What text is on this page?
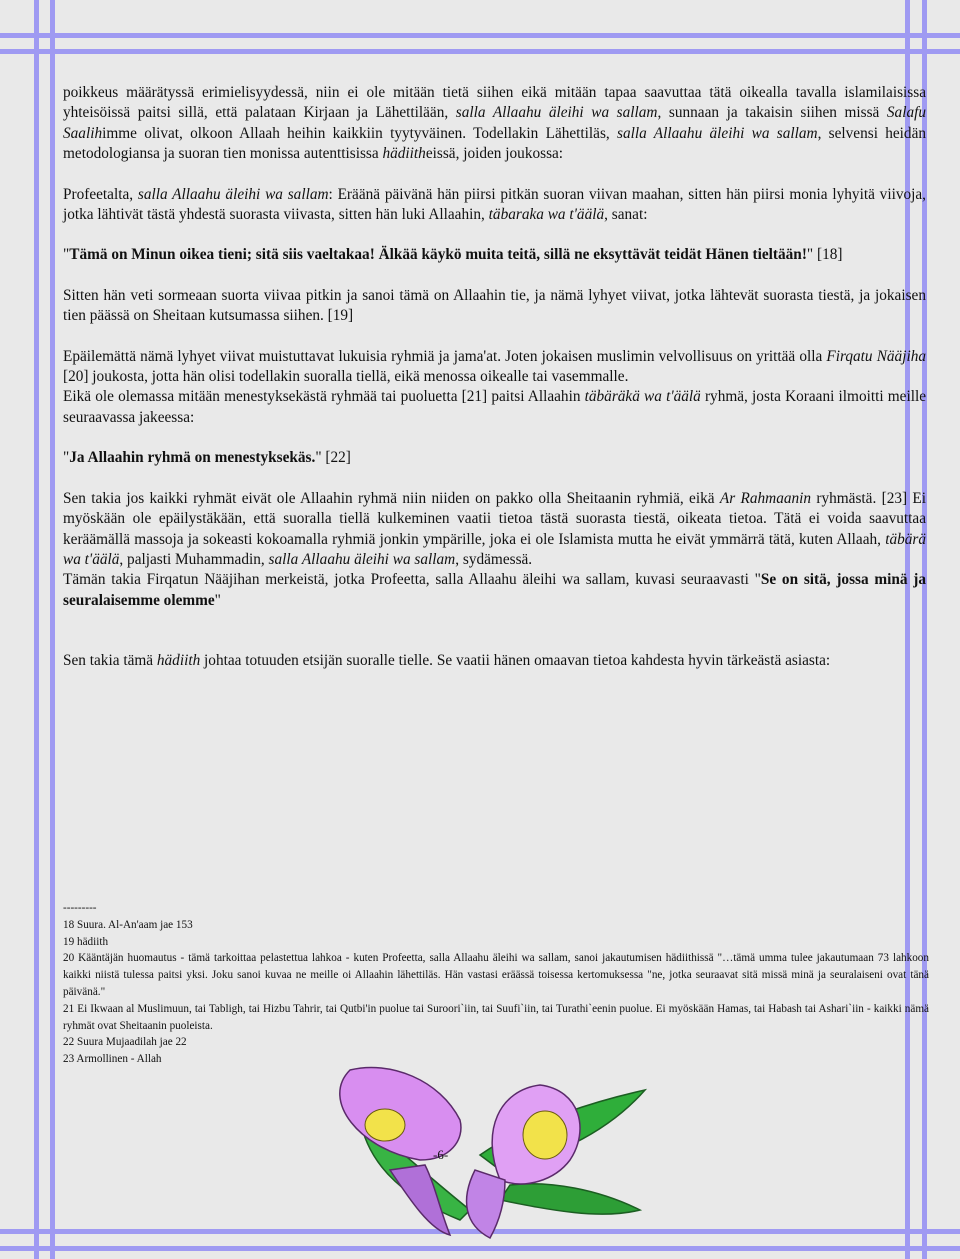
poikkeus määrätyssä erimielisyydessä, niin ei ole mitään tietä siihen eikä mitään tapaa saavuttaa tätä oikealla tavalla islamilaisissa yhteisöissä paitsi sillä, että palataan Kirjaan ja Lähettilään, salla Allaahu äleihi wa sallam, sunnaan ja takaisin siihen missä Salafu Saalihimme olivat, olkoon Allaah heihin kaikkiin tyytyväinen. Todellakin Lähettiläs, salla Allaahu äleihi wa sallam, selvensi heidän metodologiansa ja suoran tien monissa autenttisissa hädiitheissä, joiden joukossa:

Profeetalta, salla Allaahu äleihi wa sallam: Eräänä päivänä hän piirsi pitkän suoran viivan maahan, sitten hän piirsi monia lyhyitä viivoja, jotka lähtivät tästä yhdestä suorasta viivasta, sitten hän luki Allaahin, täbaraka wa t'äälä, sanat:

"Tämä on Minun oikea tieni; sitä siis vaeltakaa! Älkää käykö muita teitä, sillä ne eksyttävät teidät Hänen tieltään!" [18]

Sitten hän veti sormeaan suorta viivaa pitkin ja sanoi tämä on Allaahin tie, ja nämä lyhyet viivat, jotka lähtevät suorasta tiestä, ja jokaisen tien päässä on Sheitaan kutsumassa siihen. [19]

Epäilemättä nämä lyhyet viivat muistuttavat lukuisia ryhmiä ja jama'at. Joten jokaisen muslimin velvollisuus on yrittää olla Firqatu Nääjiha [20] joukosta, jotta hän olisi todellakin suoralla tiellä, eikä menossa oikealle tai vasemmalle.

Eikä ole olemassa mitään menestyksekästä ryhmää tai puoluetta [21] paitsi Allaahin täbäräkä wa t'äälä ryhmä, josta Koraani ilmoitti meille seuraavassa jakeessa:

"Ja Allaahin ryhmä on menestyksekäs." [22]

Sen takia jos kaikki ryhmät eivät ole Allaahin ryhmä niin niiden on pakko olla Sheitaanin ryhmiä, eikä Ar Rahmaanin ryhmästä. [23] Ei myöskään ole epäilystäkään, että suoralla tiellä kulkeminen vaatii tietoa tästä suorasta tiestä, oikeata tietoa. Tätä ei voida saavuttaa keräämällä massoja ja sokeasti kokoamalla ryhmiä jonkin ympärille, joka ei ole Islamista mutta he eivät ymmärrä tätä, kuten Allaah, täbärä wa t'äälä, paljasti Muhammadin, salla Allaahu äleihi wa sallam, sydämessä.

Tämän takia Firqatun Nääjihan merkeistä, jotka Profeetta, salla Allaahu äleihi wa sallam, kuvasi seuraavasti "Se on sitä, jossa minä ja seuralaisemme olemme"

Sen takia tämä hädiith johtaa totuuden etsijän suoralle tielle. Se vaatii hänen omaavan tietoa kahdesta hyvin tärkeästä asiasta:

---------

18 Suura. Al-An'aam jae 153

19 hädiith

20 Kääntäjän huomautus - tämä tarkoittaa pelastettua lahkoa - kuten Profeetta, salla Allaahu äleihi wa sallam, sanoi jakautumisen hädiithissä "…tämä umma tulee jakautumaan 73 lahkoon kaikki niistä tulessa paitsi yksi. Joku sanoi kuvaa ne meille oi Allaahin lähettiläs. Hän vastasi eräässä toisessa kertomuksessa "ne, jotka seuraavat sitä missä minä ja seuralaiseni ovat tänä päivänä."

21 Ei Ikwaan al Muslimuun, tai Tabligh, tai Hizbu Tahrir, tai Qutbi'in puolue tai Suroori`iin, tai Suufi`iin, tai Turathi`eenin puolue. Ei myöskään Hamas, tai Habash tai Ashari`iin - kaikki nämä ryhmät ovat Sheitaanin puoleista.

22 Suura Mujaadilah jae 22

23 Armollinen - Allah

-6-
